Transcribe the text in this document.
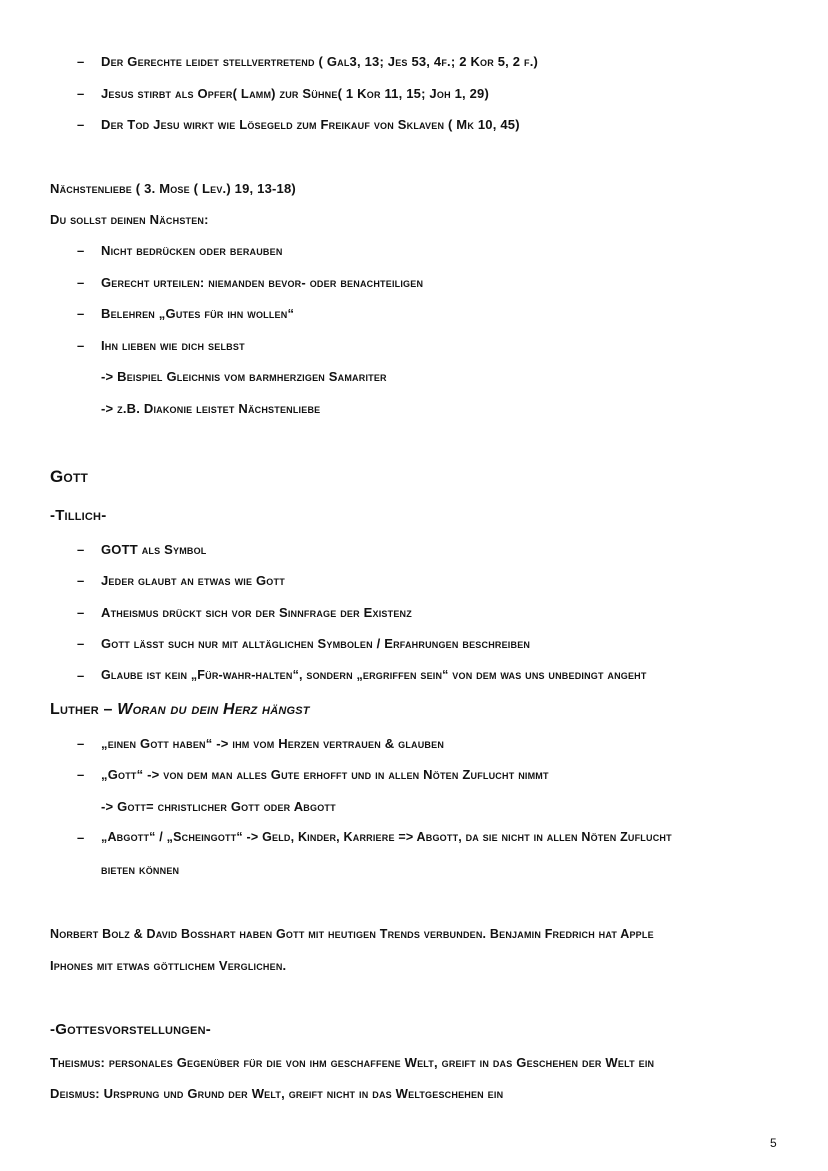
– Der Gerechte leidet stellvertretend ( Gal3, 13; Jes 53, 4f.; 2 Kor 5, 2 f.)
– Jesus stirbt als Opfer( Lamm) zur Sühne( 1 Kor 11, 15; Joh 1, 29)
– Der Tod Jesu wirkt wie Lösegeld zum Freikauf von Sklaven ( Mk 10, 45)
Nächstenliebe ( 3. Mose ( Lev.) 19, 13-18)
Du sollst deinen Nächsten:
– Nicht bedrücken oder berauben
– Gerecht urteilen: niemanden bevor- oder benachteiligen
– Belehren „Gutes für ihn wollen“
– Ihn lieben wie dich selbst
-> Beispiel Gleichnis vom barmherzigen Samariter
-> z.B. Diakonie leistet Nächstenliebe
Gott
-Tillich-
– GOTT als Symbol
– Jeder glaubt an etwas wie Gott
– Atheismus drückt sich vor der Sinnfrage der Existenz
– Gott lässt such nur mit alltäglichen Symbolen / Erfahrungen beschreiben
– Glaube ist kein „Für-wahr-halten“, sondern „ergriffen sein“ von dem was uns unbedingt angeht
Luther – Woran du dein Herz hängst
– „einen Gott haben“ -> ihm vom Herzen vertrauen & glauben
– „Gott“ -> von dem man alles Gute erhofft und in allen Nöten Zuflucht nimmt
-> Gott= christlicher Gott oder Abgott
– „Abgott“ / „Scheingott“ -> Geld, Kinder, Karriere => Abgott, da sie nicht in allen Nöten Zuflucht
bieten können
Norbert Bolz & David Bosshart haben Gott mit heutigen Trends verbunden. Benjamin Fredrich hat Apple
Iphones mit etwas göttlichem Verglichen.
-Gottesvorstellungen-
Theismus: personales Gegenüber für die von ihm geschaffene Welt, greift in das Geschehen der Welt ein
Deismus: Ursprung und Grund der Welt, greift nicht in das Weltgeschehen ein
5
